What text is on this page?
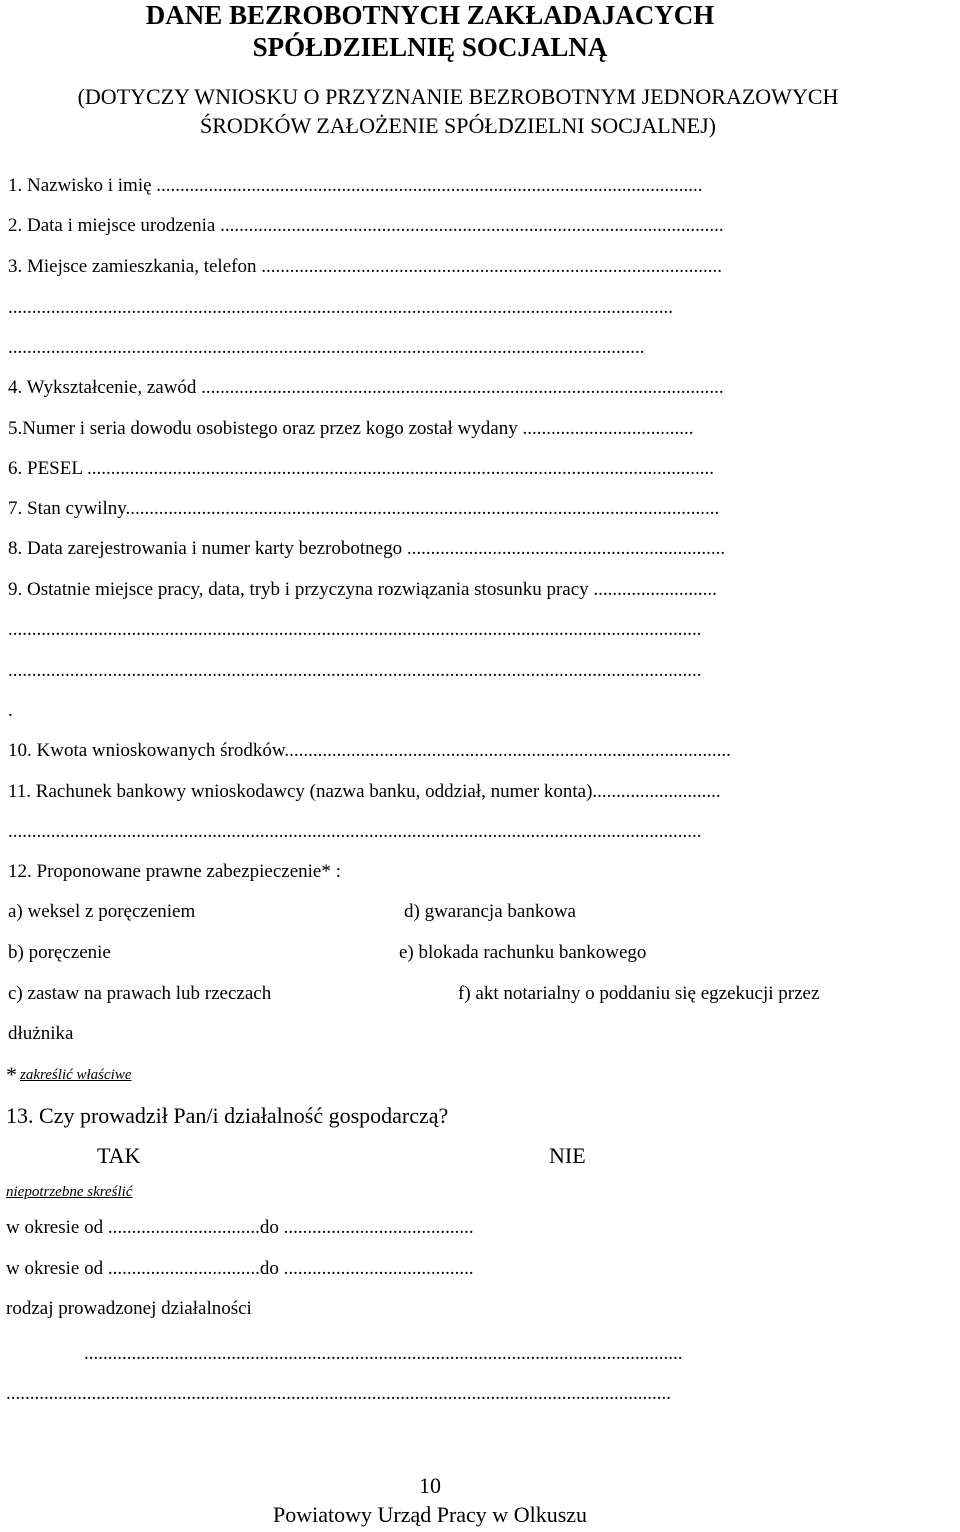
DANE BEZROBOTNYCH ZAKŁADAJACYCH
SPÓŁDZIELNIĘ SOCJALNĄ
(DOTYCZY WNIOSKU O PRZYZNANIE BEZROBOTNYM JEDNORAZOWYCH
ŚRODKÓW ZAŁOŻENIE SPÓŁDZIELNI SOCJALNEJ)
1. Nazwisko i imię ...................................................................................................................
2. Data i miejsce urodzenia ..........................................................................................................
3. Miejsce zamieszkania, telefon .................................................................................................
............................................................................................................................................
......................................................................................................................................
4. Wykształcenie, zawód ..............................................................................................................
5.Numer i seria dowodu osobistego oraz przez kogo został wydany ....................................
6. PESEL ....................................................................................................................................
7. Stan cywilny.............................................................................................................................
8. Data zarejestrowania i numer karty bezrobotnego ...................................................................
9. Ostatnie miejsce pracy, data, tryb i przyczyna rozwiązania stosunku pracy ..........................
..................................................................................................................................................
..................................................................................................................................................
.
10. Kwota wnioskowanych środków..............................................................................................
11. Rachunek bankowy wnioskodawcy (nazwa banku, oddział, numer konta)...........................
..................................................................................................................................................
12. Proponowane prawne zabezpieczenie* :
a) weksel z poręczeniem	d) gwarancja bankowa
b) poręczenie	e) blokada rachunku bankowego
c) zastaw na prawach lub rzeczach	f) akt notarialny o poddaniu się egzekucji przez
dłużnika
* zakreślić właściwe
13. Czy prowadził Pan/i działalność gospodarczą?
TAK	NIE
niepotrzebne skreślić
w okresie od ................................do ........................................
w okresie od ................................do ........................................
rodzaj prowadzonej działalności
..............................................................................................................................
............................................................................................................................................
10
Powiatowy Urząd Pracy w Olkuszu
